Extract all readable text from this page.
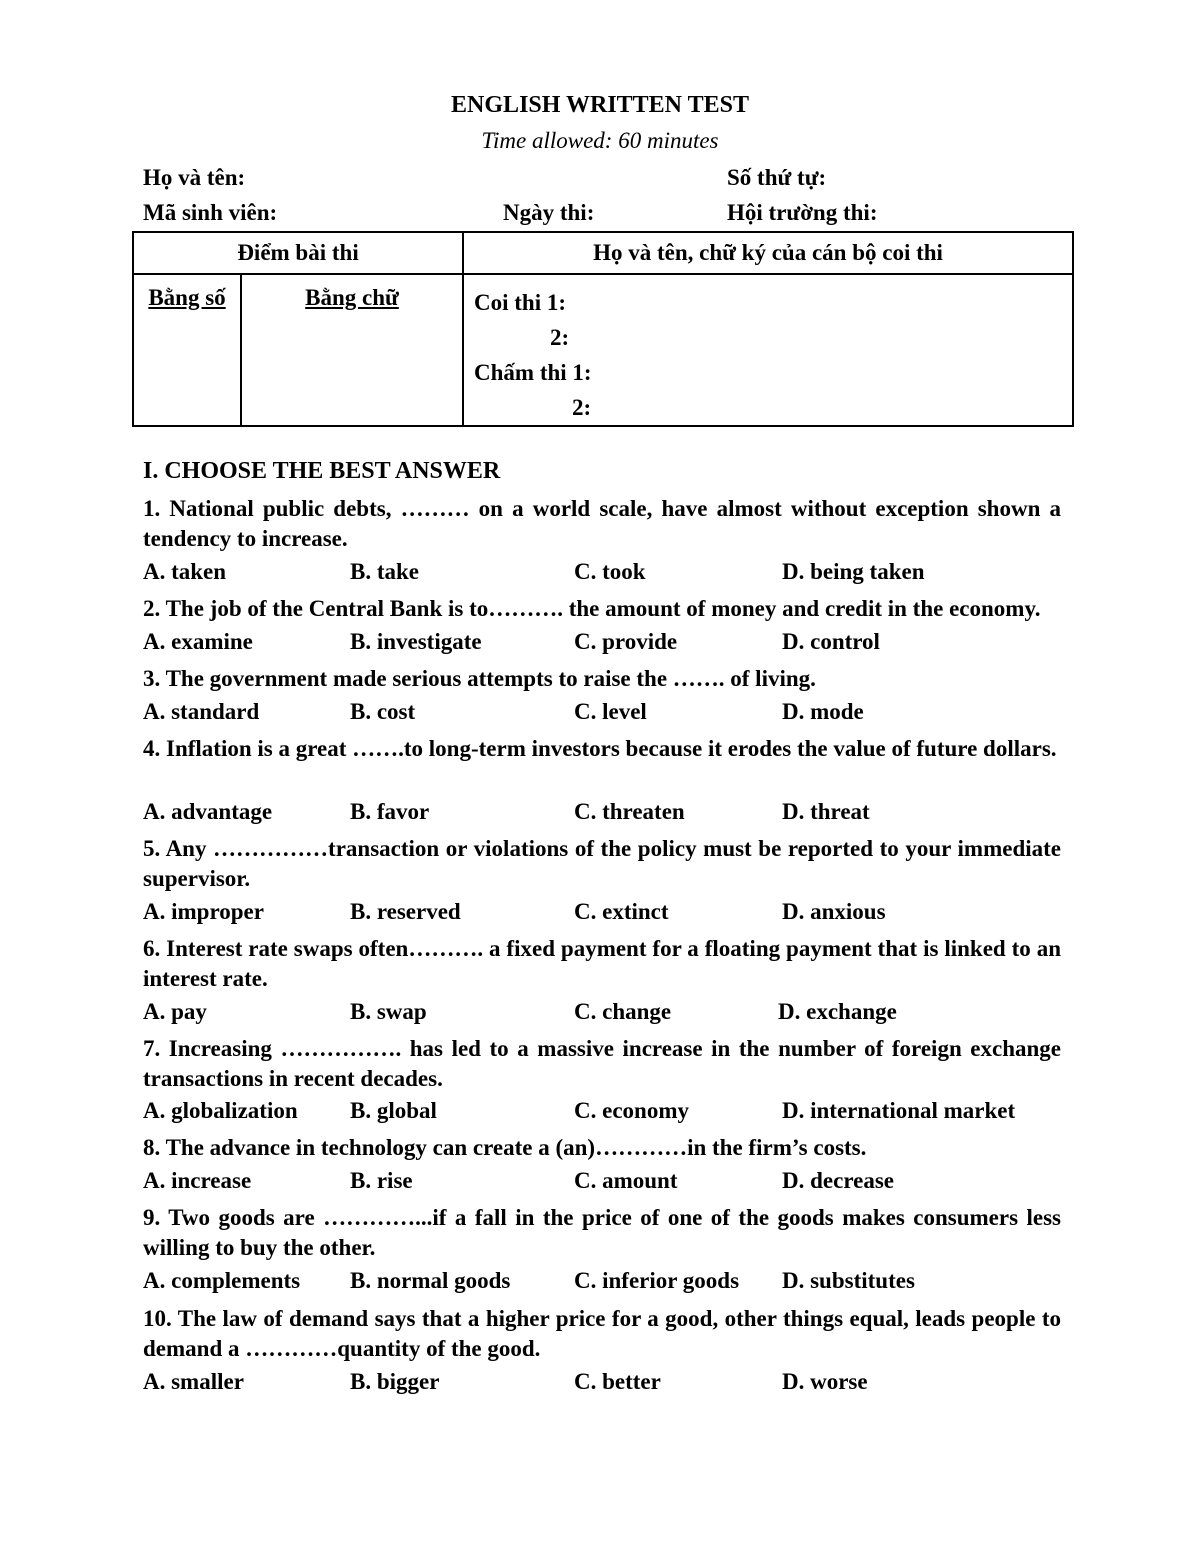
ENGLISH WRITTEN TEST
Time allowed: 60 minutes
Họ và tên:	Số thứ tự:
Mã sinh viên:	Ngày thi:	Hội trường thi:
Điểm bài thi		Họ và tên, chữ ký của cán bộ coi thi

Bằng số	Bằng chữ	Coi thi 1:
2:
Chấm thi 1:
2:
I. CHOOSE THE BEST ANSWER
1. National public debts, ……… on a world scale, have almost without exception shown a tendency to increase.
A. taken	B. take	C. took	D. being taken
2. The job of the Central Bank is to………. the amount of money and credit in the economy.
A. examine	B. investigate	C. provide	D. control
3. The government made serious attempts to raise the ……. of living.
A. standard	B. cost	C. level	D. mode
4. Inflation is a great …….to long-term investors because it erodes the value of future dollars.
A. advantage	B. favor	C. threaten	D. threat
5. Any ……………transaction or violations of the policy must be reported to your immediate supervisor.
A. improper	B. reserved	C. extinct	D. anxious
6. Interest rate swaps often………. a fixed payment for a floating payment that is linked to an interest rate.
A. pay	B. swap	C. change	D. exchange
7. Increasing ……………. has led to a massive increase in the number of foreign exchange transactions in recent decades.
A. globalization B. global	C. economy	D. international market
8. The advance in technology can create a (an)…………in the firm’s costs.
A. increase	B. rise	C. amount	D. decrease
9. Two goods are …………...if a fall in the price of one of the goods makes consumers less willing to buy the other.
A. complements B. normal goods	C. inferior goods D. substitutes
10. The law of demand says that a higher price for a good, other things equal, leads people to demand a …………quantity of the good.
A. smaller	B. bigger	C. better	D. worse
